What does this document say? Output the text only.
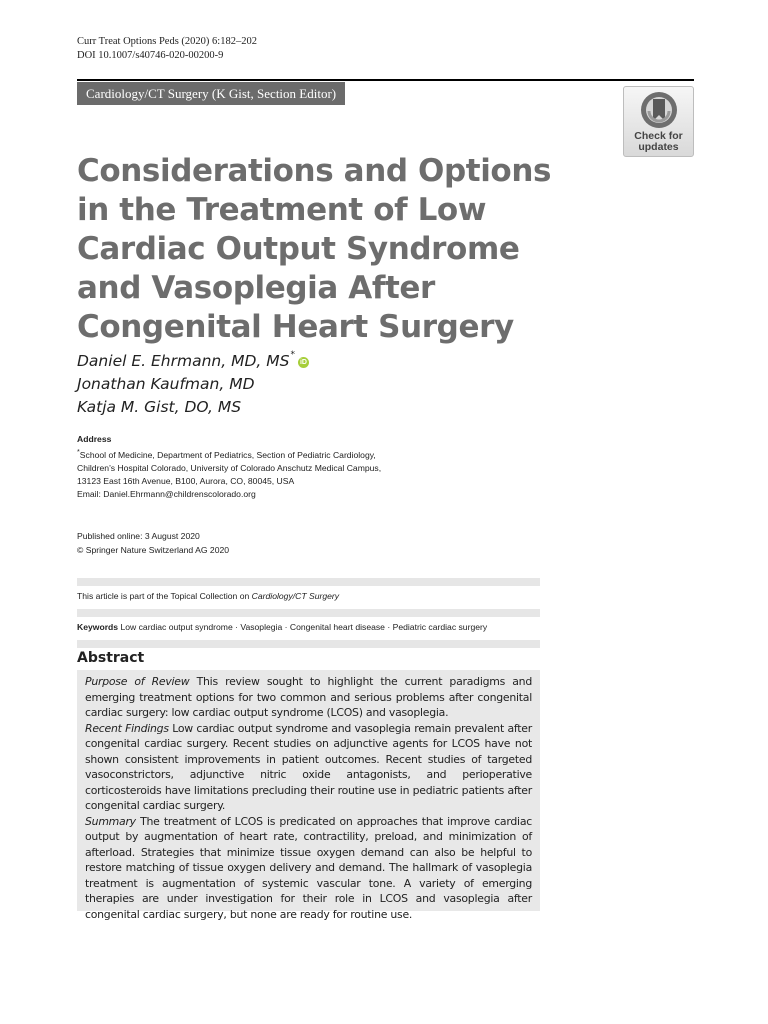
Curr Treat Options Peds (2020) 6:182–202
DOI 10.1007/s40746-020-00200-9
Cardiology/CT Surgery (K Gist, Section Editor)
Check for
updates
Considerations and Options in the Treatment of Low Cardiac Output Syndrome and Vasoplegia After Congenital Heart Surgery
Daniel E. Ehrmann, MD, MS *
iD
Jonathan Kaufman, MD
Katja M. Gist, DO, MS
Address
*School of Medicine, Department of Pediatrics, Section of Pediatric Cardiology,
Children’s Hospital Colorado, University of Colorado Anschutz Medical Campus,
13123 East 16th Avenue, B100, Aurora, CO, 80045, USA
Email: Daniel.Ehrmann@childrenscolorado.org
Published online: 3 August 2020
© Springer Nature Switzerland AG 2020
This article is part of the Topical Collection on Cardiology/CT Surgery
Keywords Low cardiac output syndrome · Vasoplegia · Congenital heart disease · Pediatric cardiac surgery
Abstract

Purpose of Review This review sought to highlight the current paradigms and emerging treatment options for two common and serious problems after congenital cardiac surgery: low cardiac output syndrome (LCOS) and vasoplegia.

Recent Findings Low cardiac output syndrome and vasoplegia remain prevalent after congenital cardiac surgery. Recent studies on adjunctive agents for LCOS have not shown consistent improvements in patient outcomes. Recent studies of targeted vasoconstrictors, adjunctive nitric oxide antagonists, and perioperative corticosteroids have limitations precluding their routine use in pediatric patients after congenital cardiac surgery.

Summary The treatment of LCOS is predicated on approaches that improve cardiac output by augmentation of heart rate, contractility, preload, and minimization of afterload. Strategies that minimize tissue oxygen demand can also be helpful to restore matching of tissue oxygen delivery and demand. The hallmark of vasoplegia treatment is augmentation of systemic vascular tone. A variety of emerging therapies are under investigation for their role in LCOS and vasoplegia after congenital cardiac surgery, but none are ready for routine use.
